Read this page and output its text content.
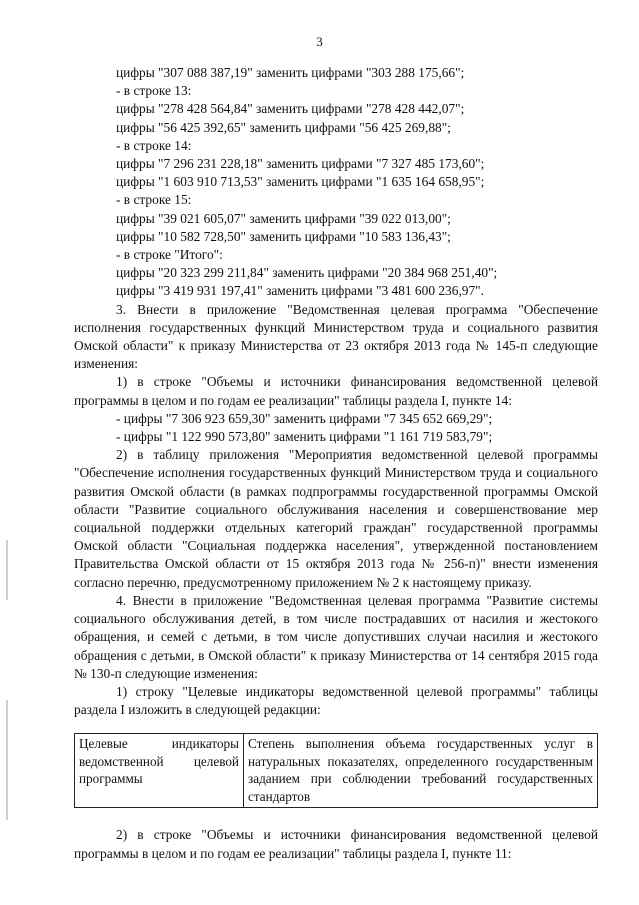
3
цифры "307 088 387,19" заменить цифрами "303 288 175,66";
- в строке 13:
цифры "278 428 564,84" заменить цифрами "278 428 442,07";
цифры "56 425 392,65" заменить цифрами "56 425 269,88";
- в строке 14:
цифры "7 296 231 228,18" заменить цифрами "7 327 485 173,60";
цифры "1 603 910 713,53" заменить цифрами "1 635 164 658,95";
- в строке 15:
цифры "39 021 605,07" заменить цифрами "39 022 013,00";
цифры "10 582 728,50" заменить цифрами "10 583 136,43";
- в строке "Итого":
цифры "20 323 299 211,84" заменить цифрами "20 384 968 251,40";
цифры "3 419 931 197,41" заменить цифрами "3 481 600 236,97".
3. Внести в приложение "Ведомственная целевая программа "Обеспечение исполнения государственных функций Министерством труда и социального развития Омской области" к приказу Министерства от 23 октября 2013 года № 145-п следующие изменения:
1) в строке "Объемы и источники финансирования ведомственной целевой программы в целом и по годам ее реализации" таблицы раздела I, пункте 14:
- цифры "7 306 923 659,30" заменить цифрами "7 345 652 669,29";
- цифры "1 122 990 573,80" заменить цифрами "1 161 719 583,79";
2) в таблицу приложения "Мероприятия ведомственной целевой программы "Обеспечение исполнения государственных функций Министерством труда и социального развития Омской области (в рамках подпрограммы государственной программы Омской области "Развитие социального обслуживания населения и совершенствование мер социальной поддержки отдельных категорий граждан" государственной программы Омской области "Социальная поддержка населения", утвержденной постановлением Правительства Омской области от 15 октября 2013 года № 256-п)" внести изменения согласно перечню, предусмотренному приложением № 2 к настоящему приказу.
4. Внести в приложение "Ведомственная целевая программа "Развитие системы социального обслуживания детей, в том числе пострадавших от насилия и жестокого обращения, и семей с детьми, в том числе допустивших случаи насилия и жестокого обращения с детьми, в Омской области" к приказу Министерства от 14 сентября 2015 года № 130-п следующие изменения:
1) строку "Целевые индикаторы ведомственной целевой программы" таблицы раздела I изложить в следующей редакции:
Целевые индикаторы ведомственной целевой программы	Степень выполнения объема государственных услуг в натуральных показателях, определенного государственным заданием при соблюдении требований государственных стандартов
2) в строке "Объемы и источники финансирования ведомственной целевой программы в целом и по годам ее реализации" таблицы раздела I, пункте 11:
